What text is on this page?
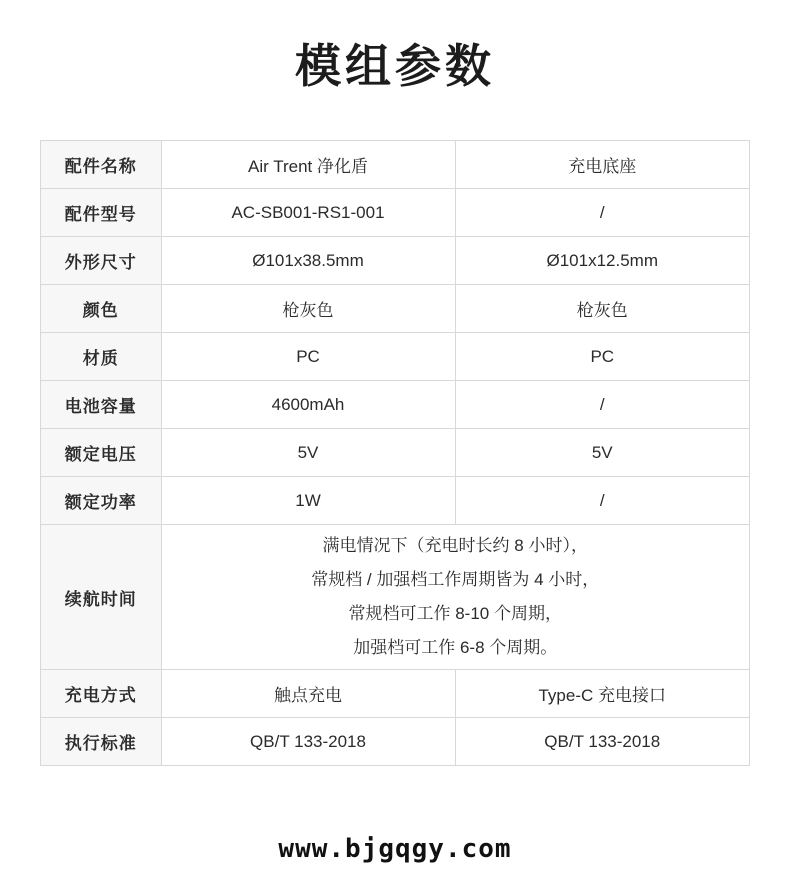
模组参数
配件名称	Air Trent 净化盾	充电底座
配件型号	AC-SB001-RS1-001	/
外形尺寸	Ø101x38.5mm	Ø101x12.5mm
颜色	枪灰色	枪灰色
材质	PC	PC
电池容量	4600mAh	/
额定电压	5V	5V
额定功率	1W	/
续航时间	满电情况下（充电时长约 8 小时），
常规档 / 加强档工作周期皆为 4 小时，
常规档可工作 8-10 个周期，
加强档可工作 6-8 个周期。	

充电方式	触点充电	Type-C 充电接口
执行标准	QB/T 133-2018	QB/T 133-2018
www.bjgqgy.com
